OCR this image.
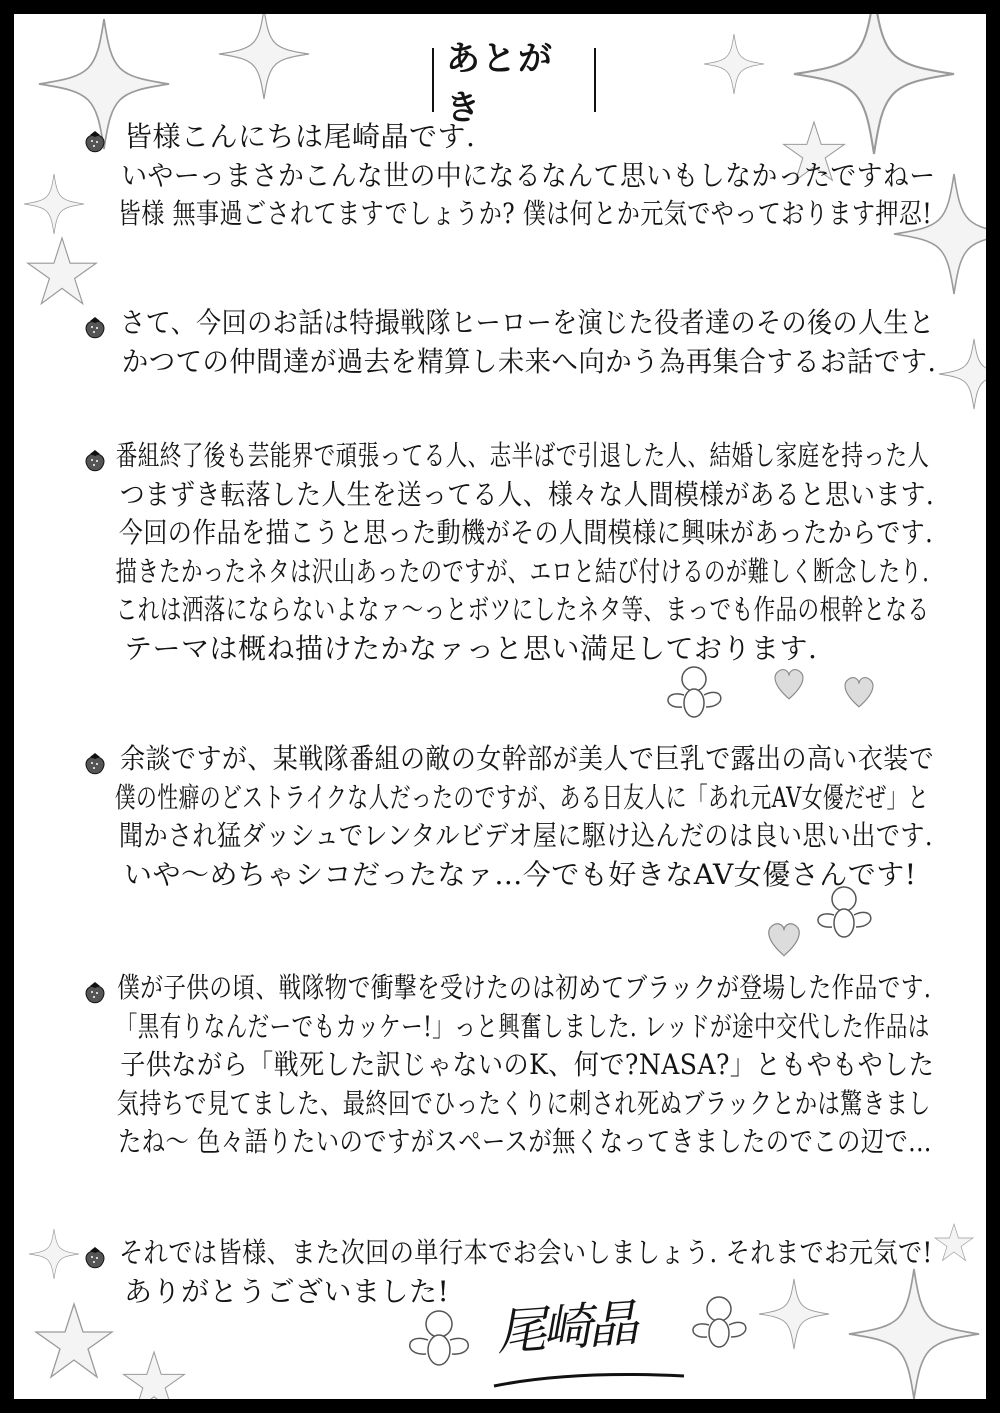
あとがき
皆様こんにちは尾崎晶です.
いやーっまさかこんな世の中になるなんて思いもしなかったですねー
皆様 無事過ごされてますでしょうか? 僕は何とか元気でやっております押忍!
さて、今回のお話は特撮戦隊ヒーローを演じた役者達のその後の人生と
かつての仲間達が過去を精算し未来へ向かう為再集合するお話です.
番組終了後も芸能界で頑張ってる人、志半ばで引退した人、結婚し家庭を持った人
つまずき転落した人生を送ってる人、様々な人間模様があると思います.
今回の作品を描こうと思った動機がその人間模様に興味があったからです.
描きたかったネタは沢山あったのですが、エロと結び付けるのが難しく断念したり.
これは洒落にならないよなァ〜っとボツにしたネタ等、まっでも作品の根幹となる
テーマは概ね描けたかなァっと思い満足しております.
余談ですが、某戦隊番組の敵の女幹部が美人で巨乳で露出の高い衣装で
僕の性癖のどストライクな人だったのですが、ある日友人に「あれ元AV女優だぜ」と
聞かされ猛ダッシュでレンタルビデオ屋に駆け込んだのは良い思い出です.
いや〜めちゃシコだったなァ...今でも好きなAV女優さんです!
僕が子供の頃、戦隊物で衝撃を受けたのは初めてブラックが登場した作品です.
「黒有りなんだーでもカッケー!」っと興奮しました. レッドが途中交代した作品は
子供ながら「戦死した訳じゃないのK、何で?NASA?」ともやもやした
気持ちで見てました、最終回でひったくりに刺され死ぬブラックとかは驚きまし
たね〜 色々語りたいのですがスペースが無くなってきましたのでこの辺で...
それでは皆様、また次回の単行本でお会いしましょう. それまでお元気で!
ありがとうございました!
尾崎晶
